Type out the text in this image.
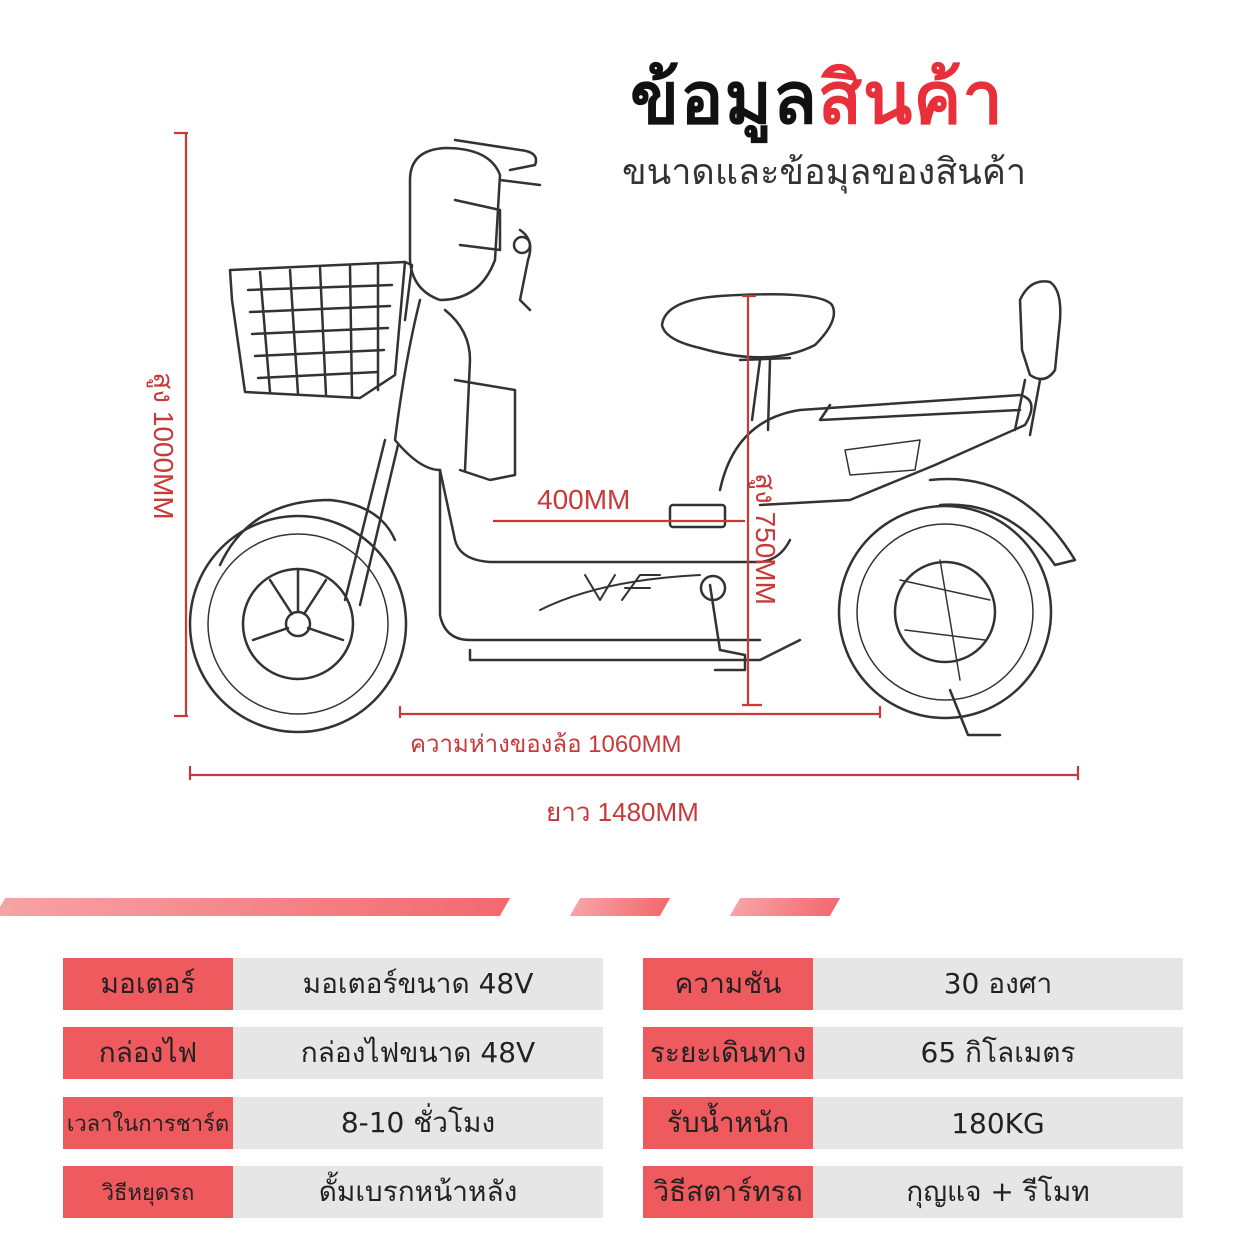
ข้อมูลสินค้า
ขนาดและข้อมุลของสินค้า
สูง 1000MM	400MM	สูง 750MM
ความห่างของล้อ 1060MM
ยาว 1480MM
มอเตอร์	มอเตอร์ขนาด 48V
กล่องไฟ	กล่องไฟขนาด 48V
เวลาในการชาร์ต	8-10 ชั่วโมง
วิธีหยุดรถ	ดั้มเบรกหน้าหลัง
ความชัน	30 องศา
ระยะเดินทาง	65 กิโลเมตร
รับน้ำหนัก	180KG
วิธีสตาร์ทรถ	กุญแจ + รีโมท
